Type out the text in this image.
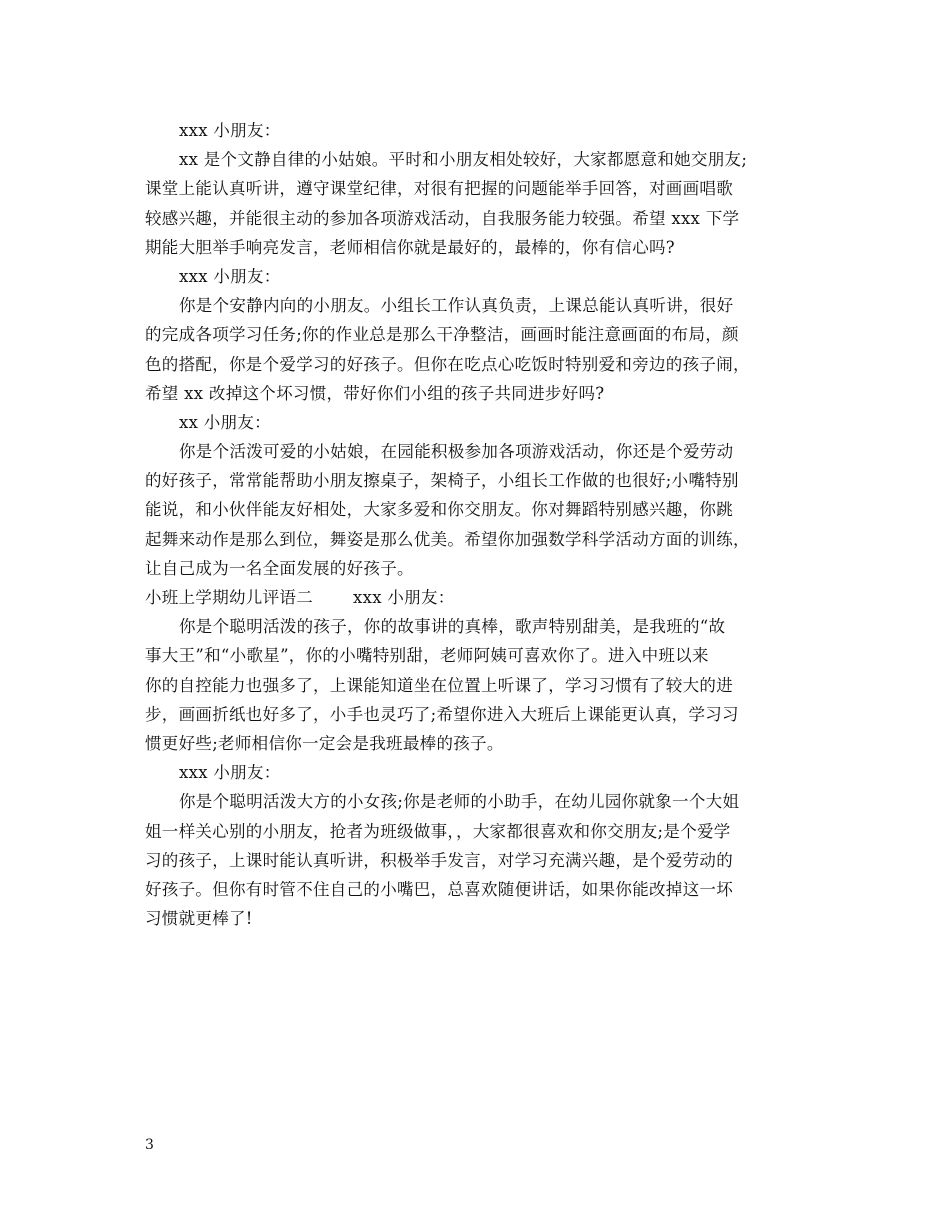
xxx 小朋友：
xx 是个文静自律的小姑娘。平时和小朋友相处较好，大家都愿意和她交朋友;
课堂上能认真听讲，遵守课堂纪律，对很有把握的问题能举手回答，对画画唱歌
较感兴趣，并能很主动的参加各项游戏活动，自我服务能力较强。希望 xxx 下学
期能大胆举手响亮发言，老师相信你就是最好的，最棒的，你有信心吗?
xxx 小朋友：
你是个安静内向的小朋友。小组长工作认真负责，上课总能认真听讲，很好
的完成各项学习任务;你的作业总是那么干净整洁，画画时能注意画面的布局，颜
色的搭配，你是个爱学习的好孩子。但你在吃点心吃饭时特别爱和旁边的孩子闹，
希望 xx 改掉这个坏习惯，带好你们小组的孩子共同进步好吗?
xx 小朋友：
你是个活泼可爱的小姑娘，在园能积极参加各项游戏活动，你还是个爱劳动
的好孩子，常常能帮助小朋友擦桌子，架椅子，小组长工作做的也很好;小嘴特别
能说，和小伙伴能友好相处，大家多爱和你交朋友。你对舞蹈特别感兴趣，你跳
起舞来动作是那么到位，舞姿是那么优美。希望你加强数学科学活动方面的训练，
让自己成为一名全面发展的好孩子。
小班上学期幼儿评语二 xxx 小朋友：
你是个聪明活泼的孩子，你的故事讲的真棒，歌声特别甜美，是我班的“故
事大王”和“小歌星”，你的小嘴特别甜，老师阿姨可喜欢你了。进入中班以来
你的自控能力也强多了，上课能知道坐在位置上听课了，学习习惯有了较大的进
步，画画折纸也好多了，小手也灵巧了;希望你进入大班后上课能更认真，学习习
惯更好些;老师相信你一定会是我班最棒的孩子。
xxx 小朋友：
你是个聪明活泼大方的小女孩;你是老师的小助手，在幼儿园你就象一个大姐
姐一样关心别的小朋友，抢者为班级做事，，大家都很喜欢和你交朋友;是个爱学
习的孩子，上课时能认真听讲，积极举手发言，对学习充满兴趣，是个爱劳动的
好孩子。但你有时管不住自己的小嘴巴，总喜欢随便讲话，如果你能改掉这一坏
习惯就更棒了!
3
